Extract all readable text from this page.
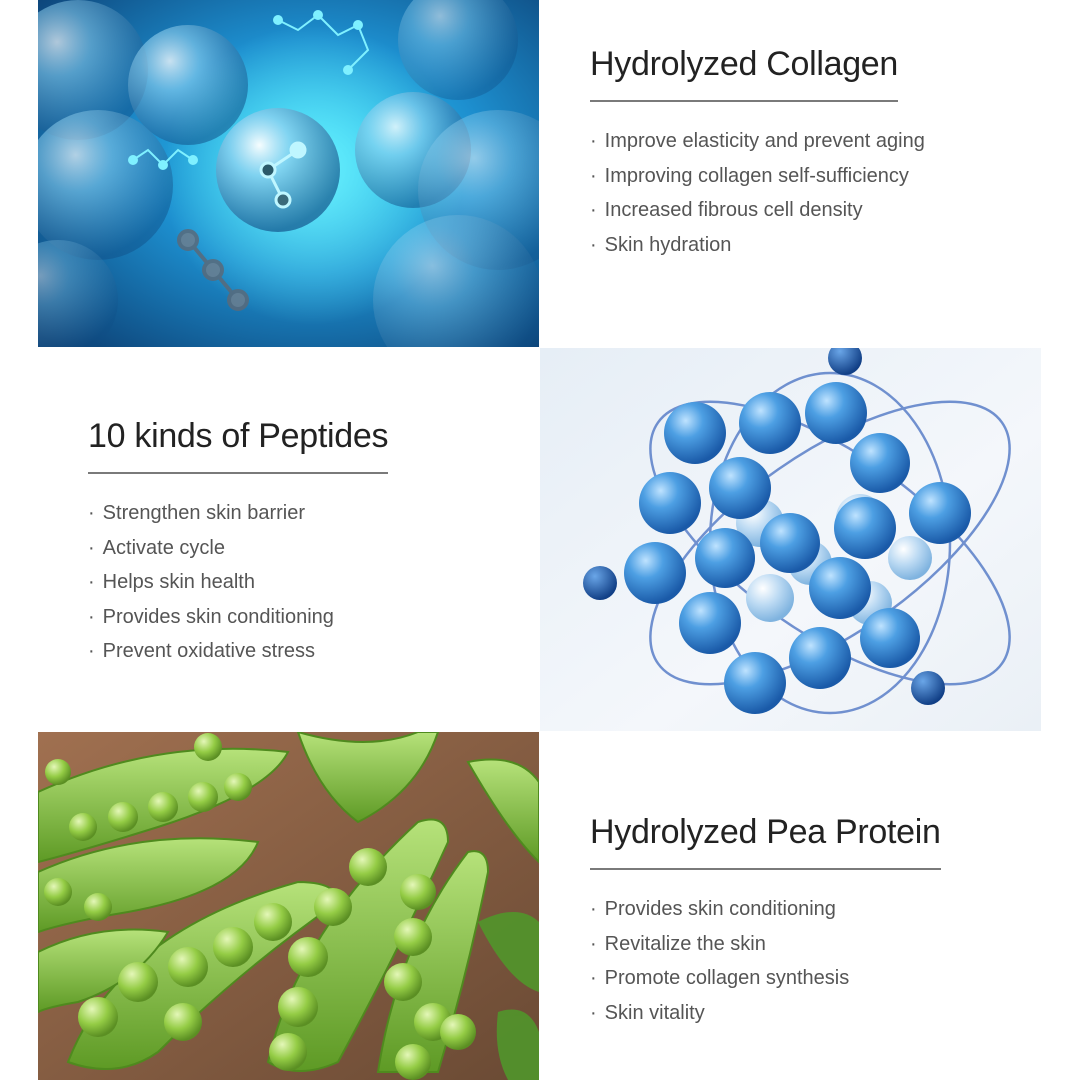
Hydrolyzed Collagen
· Improve elasticity and prevent aging
· Improving collagen self-sufficiency
· Increased fibrous cell density
· Skin hydration
10 kinds of Peptides
· Strengthen skin barrier
· Activate cycle
· Helps skin health
· Provides skin conditioning
· Prevent oxidative stress
Hydrolyzed Pea Protein
· Provides skin conditioning
· Revitalize the skin
· Promote collagen synthesis
· Skin vitality
